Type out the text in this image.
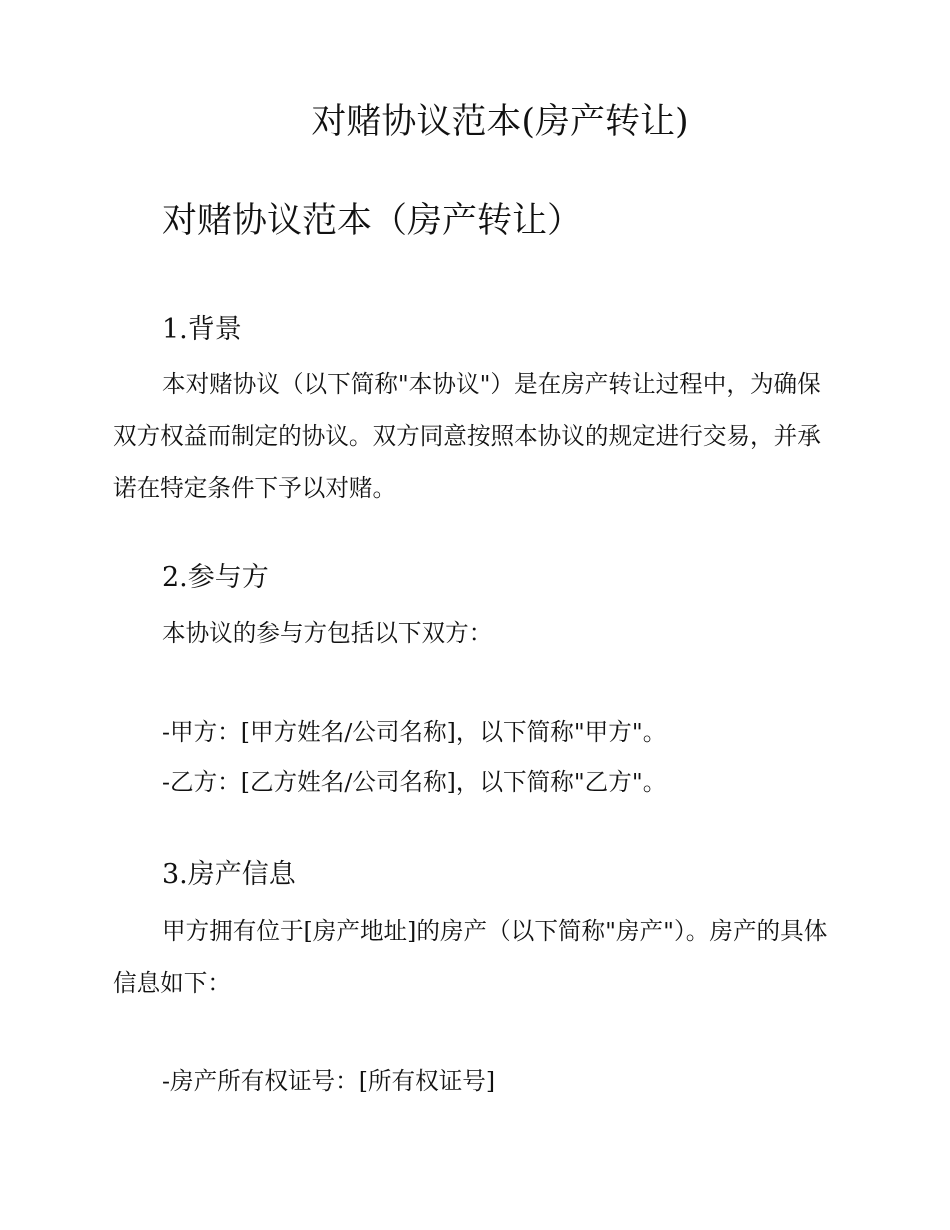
对赌协议范本(房产转让)
对赌协议范本（房产转让）
1.背景

本对赌协议（以下简称"本协议"）是在房产转让过程中，为确保双方权益而制定的协议。双方同意按照本协议的规定进行交易，并承诺在特定条件下予以对赌。

2.参与方

本协议的参与方包括以下双方：

-甲方：[甲方姓名/公司名称]，以下简称"甲方"。
-乙方：[乙方姓名/公司名称]，以下简称"乙方"。
3.房产信息

甲方拥有位于[房产地址]的房产（以下简称"房产"）。房产的具体信息如下：

-房产所有权证号：[所有权证号]
